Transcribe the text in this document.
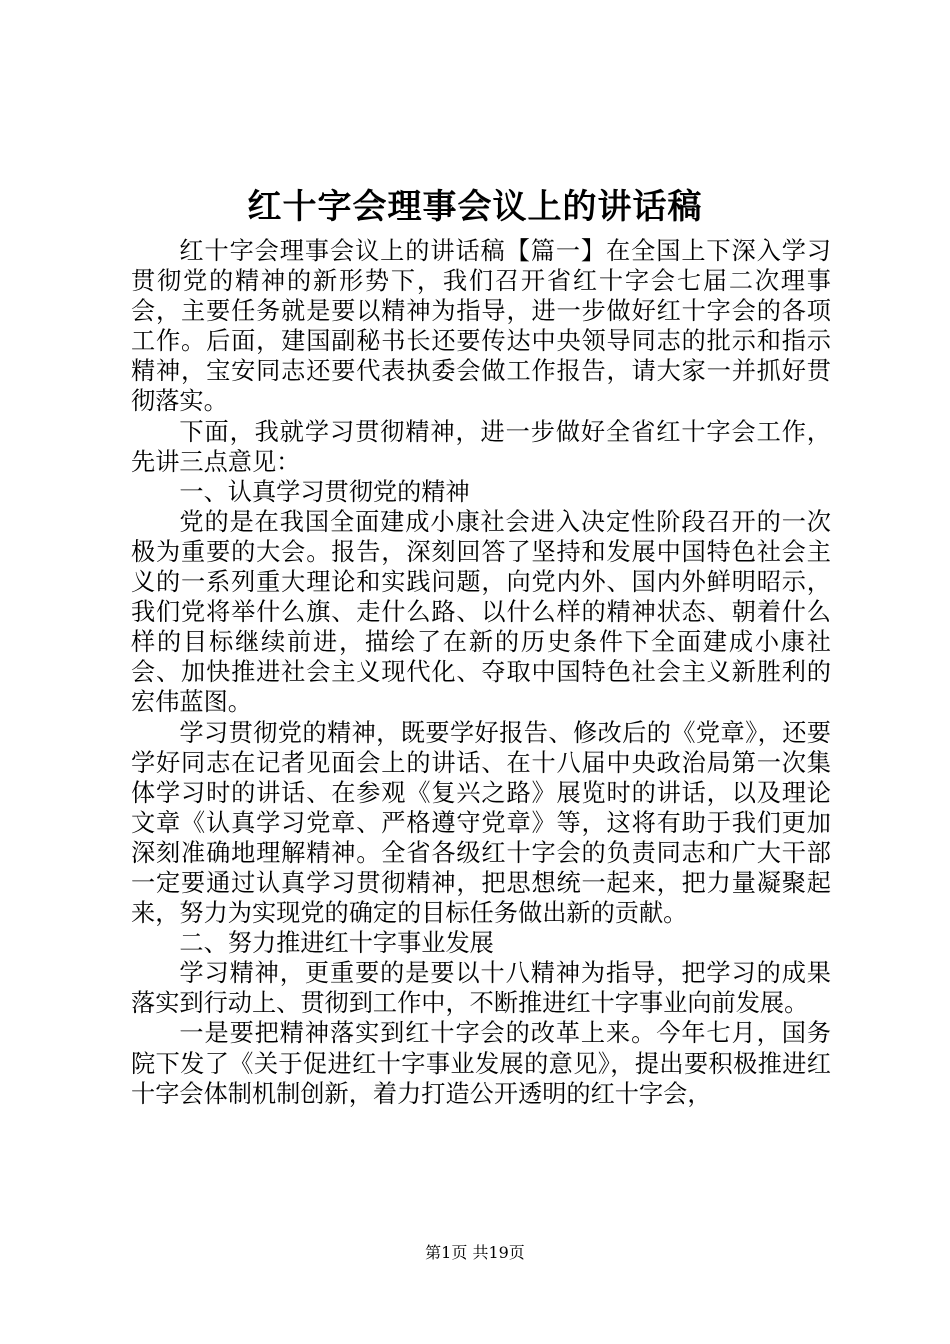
红十字会理事会议上的讲话稿

红十字会理事会议上的讲话稿【篇一】在全国上下深入学习贯彻党的精神的新形势下，我们召开省红十字会七届二次理事会，主要任务就是要以精神为指导，进一步做好红十字会的各项工作。后面，建国副秘书长还要传达中央领导同志的批示和指示精神，宝安同志还要代表执委会做工作报告，请大家一并抓好贯彻落实。

下面，我就学习贯彻精神，进一步做好全省红十字会工作，先讲三点意见：

一、认真学习贯彻党的精神

党的是在我国全面建成小康社会进入决定性阶段召开的一次极为重要的大会。报告，深刻回答了坚持和发展中国特色社会主义的一系列重大理论和实践问题，向党内外、国内外鲜明昭示，我们党将举什么旗、走什么路、以什么样的精神状态、朝着什么样的目标继续前进，描绘了在新的历史条件下全面建成小康社会、加快推进社会主义现代化、夺取中国特色社会主义新胜利的宏伟蓝图。

学习贯彻党的精神，既要学好报告、修改后的《党章》，还要学好同志在记者见面会上的讲话、在十八届中央政治局第一次集体学习时的讲话、在参观《复兴之路》展览时的讲话，以及理论文章《认真学习党章、严格遵守党章》等，这将有助于我们更加深刻准确地理解精神。全省各级红十字会的负责同志和广大干部一定要通过认真学习贯彻精神，把思想统一起来，把力量凝聚起来，努力为实现党的确定的目标任务做出新的贡献。

二、努力推进红十字事业发展

学习精神，更重要的是要以十八精神为指导，把学习的成果落实到行动上、贯彻到工作中，不断推进红十字事业向前发展。

一是要把精神落实到红十字会的改革上来。今年七月，国务院下发了《关于促进红十字事业发展的意见》，提出要积极推进红十字会体制机制创新，着力打造公开透明的红十字会，

第1页 共19页
